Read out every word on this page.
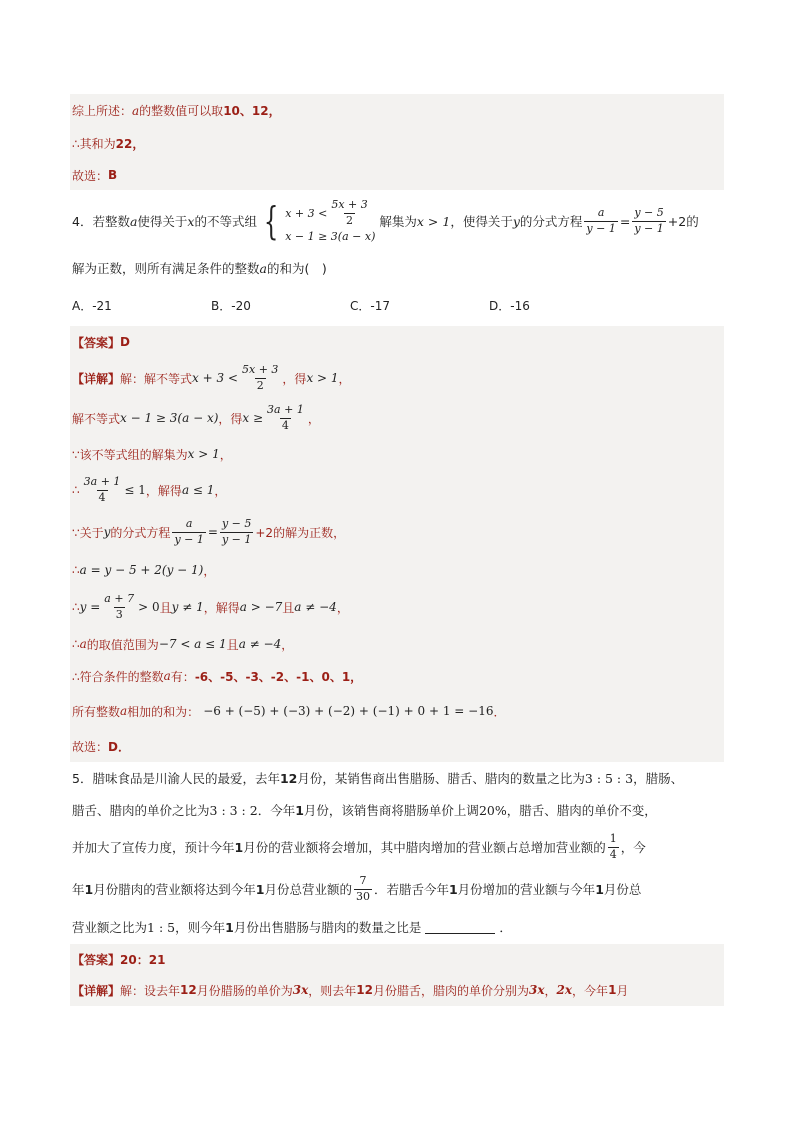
综上所述： a 的整数值可以取 10、12，
∴其和为 22，
故选： B
4．若整数 a 使得关于 x 的不等式组 { $x + 3 < \frac{5x + 3}{2}$
x − 1 ≥ 3(a − x)
解集为 x > 1 ，使得关于 y 的分式方程 $\frac{a}{y - 1} = \frac{y - 5}{y - 1} +2$ 的
解为正数，则所有满足条件的整数 a 的和为(　)
A．-21	B．-20	C．-17	D．-16
【答案】 D
【详解】 解：解不等式 $x + 3 < \frac{5x + 3}{2}$ ，得 x > 1 ，
解不等式 x − 1 ≥ 3(a − x) ，得 $x \ge \frac{3a + 1}{4}$ ，
∵该不等式组的解集为 x > 1 ，
∴ $\frac{3a + 1}{4} \le 1$ ，解得 a ≤ 1 ，
∵关于 y 的分式方程 $\frac{a}{y - 1} = \frac{y - 5}{y - 1} +2$的解为正数，
∴ a = y − 5 + 2(y − 1) ，
∴ $y = \frac{a + 7}{3} > 0$ 且 y ≠ 1 ，解得 a > −7 且 a ≠ −4 ，
∴ a 的取值范围为 −7 < a ≤ 1 且 a ≠ −4 ，
∴符合条件的整数 a 有： -6、-5、-3、-2、-1、0、1，
所有整数 a 相加的和为： −6 + (−5) + (−3) + (−2) + (−1) + 0 + 1 = −16 ．
故选： D．
5．腊味食品是川渝人民的最爱，去年 12 月份，某销售商出售腊肠、腊舌、腊肉的数量之比为 3 : 5 : 3 ，腊肠、
腊舌、腊肉的单价之比为 3 : 3 : 2 ．今年 1 月份，该销售商将腊肠单价上调 20% ，腊舌、腊肉的单价不变，
并加大了宣传力度，预计今年 1 月份的营业额将会增加，其中腊肉增加的营业额占总增加营业额的 $\frac{1}{4}$ ，今
年 1 月份腊肉的营业额将达到今年 1 月份总营业额的 $\frac{7}{30}$ ．若腊舌今年 1 月份增加的营业额与今年 1 月份总
营业额之比为 1 : 5 ，则今年 1 月份出售腊肠与腊肉的数量之比是	．
【答案】 20：21
【详解】 解：设去年 12 月份腊肠的单价为 3x ，则去年 12 月份腊舌，腊肉的单价分别为 3x ， 2x ，今年 1 月
